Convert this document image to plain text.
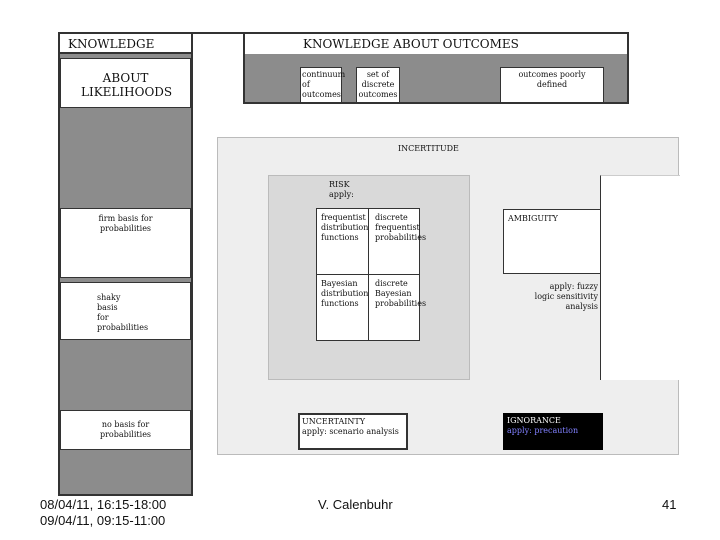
KNOWLEDGE
ABOUT LIKELIHOODS
firm basis for probabilities
shaky basis for probabilities
no basis for probabilities
KNOWLEDGE ABOUT OUTCOMES
continuum of outcomes
set of discrete outcomes
outcomes poorly defined
INCERTITUDE
RISK
apply:
frequentist distribution functions
discrete frequentist probabilities
Bayesian distribution functions
discrete Bayesian probabilities
AMBIGUITY
apply: fuzzy logic sensitivity analysis
UNCERTAINTY
apply: scenario analysis
IGNORANCE
apply: precaution
08/04/11, 16:15-18:00
09/04/11, 09:15-11:00
V. Calenbuhr	41
